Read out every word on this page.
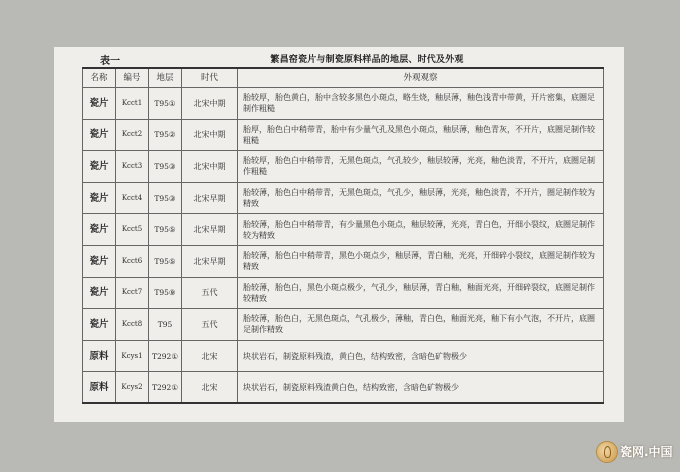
表一	繁昌窑瓷片与制瓷原料样品的地层、时代及外观
名称	编号	地层	时代	外观观察
瓷片	Kcct1	T95①	北宋中期	胎较厚，胎色黄白，胎中含较多黑色小斑点，略生烧，釉层薄，釉色浅青中带黄，开片密集，底圈足制作粗糙
瓷片	Kcct2	T95②	北宋中期	胎厚，胎色白中稍带青，胎中有少量气孔及黑色小斑点，釉层薄，釉色青灰，不开片，底圈足制作较粗糙
瓷片	Kcct3	T95③	北宋中期	胎较厚，胎色白中稍带青，无黑色斑点，气孔较少，釉层较薄，光亮，釉色淡青，不开片，底圈足制作粗糙
瓷片	Kcct4	T95③	北宋早期	胎较薄，胎色白中稍带青，无黑色斑点，气孔少，釉层薄，光亮，釉色淡青，不开片，圈足制作较为精致
瓷片	Kcct5	T95⑤	北宋早期	胎较薄，胎色白中稍带青，有少量黑色小斑点，釉层较薄，光亮，青白色，开细小裂纹，底圈足制作较为精致
瓷片	Kcct6	T95⑤	北宋早期	胎较薄，胎色白中稍带青，黑色小斑点少，釉层薄，青白釉，光亮，开细碎小裂纹，底圈足制作较为精致
瓷片	Kcct7	T95⑨	五代	胎较薄，胎色白，黑色小斑点极少，气孔少，釉层薄，青白釉，釉面光亮，开细碎裂纹，底圈足制作较精致
瓷片	Kcct8	T95	五代	胎较薄，胎色白，无黑色斑点，气孔极少，薄釉，青白色，釉面光亮，釉下有小气泡，不开片，底圈足制作精致
原料	Kcys1	T292①	北宋	块状岩石，制瓷原料残渣，黄白色，结构致密，含暗色矿物极少
原料	Kcys2	T292①	北宋	块状岩石，制瓷原料残渣黄白色，结构致密，含暗色矿物极少
瓷网.中国
